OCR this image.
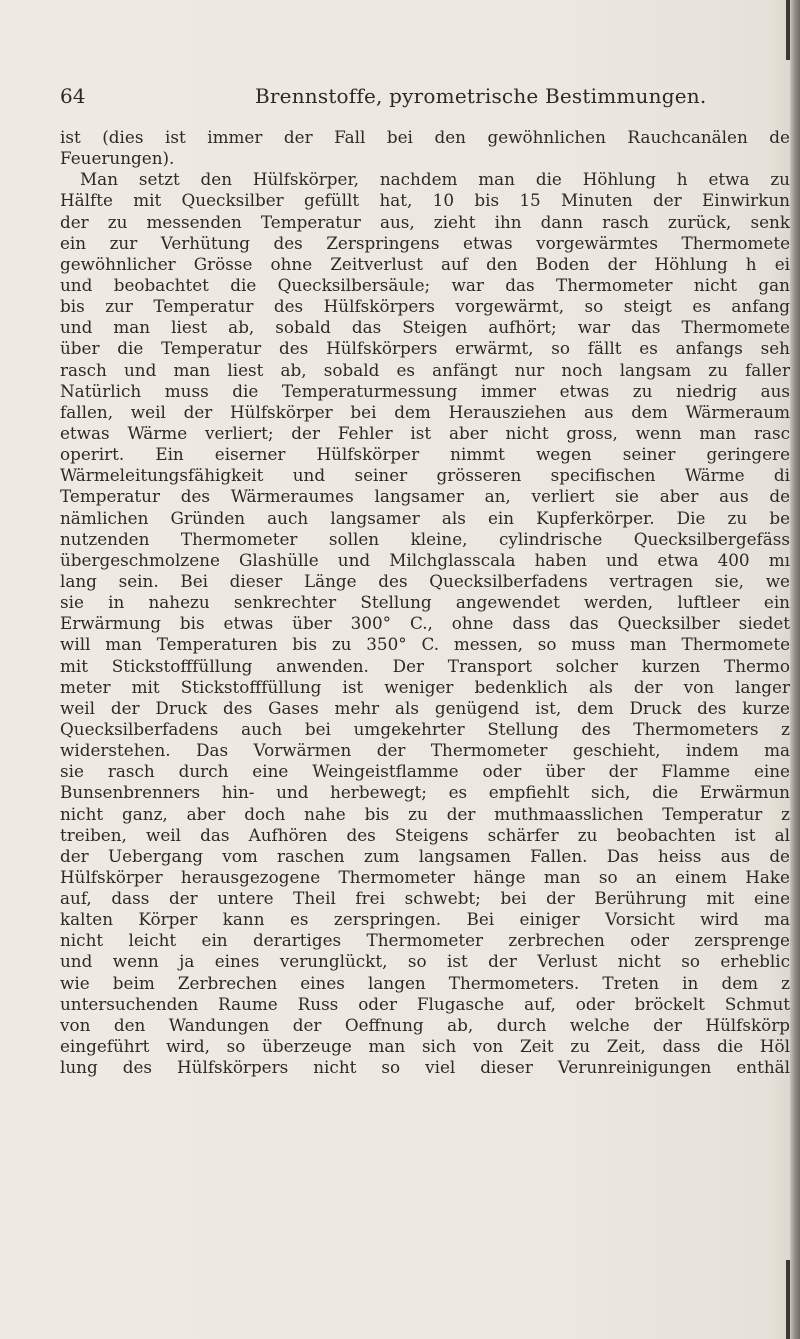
64	Brennstoffe, pyrometrische Bestimmungen.
ist (dies ist immer der Fall bei den gewöhnlichen Rauchcanälen de
Feuerungen).
Man setzt den Hülfskörper, nachdem man die Höhlung h etwa zu
Hälfte mit Quecksilber gefüllt hat, 10 bis 15 Minuten der Einwirkun
der zu messenden Temperatur aus, zieht ihn dann rasch zurück, senk
ein zur Verhütung des Zerspringens etwas vorgewärmtes Thermomete
gewöhnlicher Grösse ohne Zeitverlust auf den Boden der Höhlung h ei
und beobachtet die Quecksilbersäule; war das Thermometer nicht gan
bis zur Temperatur des Hülfskörpers vorgewärmt, so steigt es anfang
und man liest ab, sobald das Steigen aufhört; war das Thermomete
über die Temperatur des Hülfskörpers erwärmt, so fällt es anfangs seh
rasch und man liest ab, sobald es anfängt nur noch langsam zu faller
Natürlich muss die Temperaturmessung immer etwas zu niedrig aus
fallen, weil der Hülfskörper bei dem Herausziehen aus dem Wärmeraum
etwas Wärme verliert; der Fehler ist aber nicht gross, wenn man rasc
operirt. Ein eiserner Hülfskörper nimmt wegen seiner geringere
Wärmeleitungsfähigkeit und seiner grösseren specifischen Wärme di
Temperatur des Wärmeraumes langsamer an, verliert sie aber aus de
nämlichen Gründen auch langsamer als ein Kupferkörper. Die zu be
nutzenden Thermometer sollen kleine, cylindrische Quecksilbergefäss
übergeschmolzene Glashülle und Milchglasscala haben und etwa 400 mı
lang sein. Bei dieser Länge des Quecksilberfadens vertragen sie, we
sie in nahezu senkrechter Stellung angewendet werden, luftleer ein
Erwärmung bis etwas über 300° C., ohne dass das Quecksilber siedet
will man Temperaturen bis zu 350° C. messen, so muss man Thermomete
mit Stickstofffüllung anwenden. Der Transport solcher kurzen Thermo
meter mit Stickstofffüllung ist weniger bedenklich als der von langer
weil der Druck des Gases mehr als genügend ist, dem Druck des kurze
Quecksilberfadens auch bei umgekehrter Stellung des Thermometers z
widerstehen. Das Vorwärmen der Thermometer geschieht, indem ma
sie rasch durch eine Weingeistflamme oder über der Flamme eine
Bunsenbrenners hin- und herbewegt; es empfiehlt sich, die Erwärmun
nicht ganz, aber doch nahe bis zu der muthmaasslichen Temperatur z
treiben, weil das Aufhören des Steigens schärfer zu beobachten ist al
der Uebergang vom raschen zum langsamen Fallen. Das heiss aus de
Hülfskörper herausgezogene Thermometer hänge man so an einem Hake
auf, dass der untere Theil frei schwebt; bei der Berührung mit eine
kalten Körper kann es zerspringen. Bei einiger Vorsicht wird ma
nicht leicht ein derartiges Thermometer zerbrechen oder zersprenge
und wenn ja eines verunglückt, so ist der Verlust nicht so erheblic
wie beim Zerbrechen eines langen Thermometers. Treten in dem z
untersuchenden Raume Russ oder Flugasche auf, oder bröckelt Schmut
von den Wandungen der Oeffnung ab, durch welche der Hülfskörp
eingeführt wird, so überzeuge man sich von Zeit zu Zeit, dass die Höl
lung des Hülfskörpers nicht so viel dieser Verunreinigungen enthäl
